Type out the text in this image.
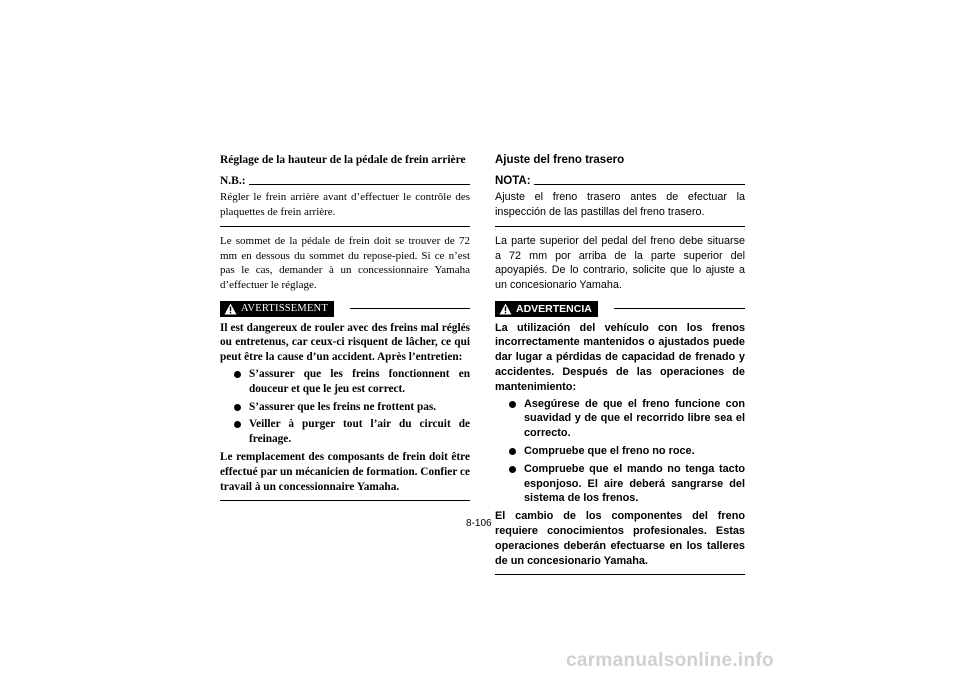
Réglage de la hauteur de la pédale de frein arrière

N.B.:

Régler le frein arrière avant d’effectuer le contrôle des plaquettes de frein arrière.

Le sommet de la pédale de frein doit se trouver de 72 mm en dessous du sommet du repose-pied. Si ce n’est pas le cas, demander à un concessionnaire Yamaha d’effectuer le réglage.

AVERTISSEMENT

Il est dangereux de rouler avec des freins mal réglés ou entretenus, car ceux-ci risquent de lâcher, ce qui peut être la cause d’un accident. Après l’entretien:

S’assurer que les freins fonctionnent en douceur et que le jeu est correct.
S’assurer que les freins ne frottent pas.
Veiller à purger tout l’air du circuit de freinage.

Le remplacement des composants de frein doit être effectué par un mécanicien de formation. Confier ce travail à un concessionnaire Yamaha.

Ajuste del freno trasero

NOTA:

Ajuste el freno trasero antes de efectuar la inspección de las pastillas del freno trasero.

La parte superior del pedal del freno debe situarse a 72 mm por arriba de la parte superior del apoyapiés. De lo contrario, solicite que lo ajuste a un concesionario Yamaha.

ADVERTENCIA

La utilización del vehículo con los frenos incorrectamente mantenidos o ajustados puede dar lugar a pérdidas de capacidad de frenado y accidentes. Después de las operaciones de mantenimiento:

Asegúrese de que el freno funcione con suavidad y de que el recorrido libre sea el correcto.
Compruebe que el freno no roce.
Compruebe que el mando no tenga tacto esponjoso. El aire deberá sangrarse del sistema de los frenos.

El cambio de los componentes del freno requiere conocimientos profesionales. Estas operaciones deberán efectuarse en los talleres de un concesionario Yamaha.

8-106
carmanualsonline.info
